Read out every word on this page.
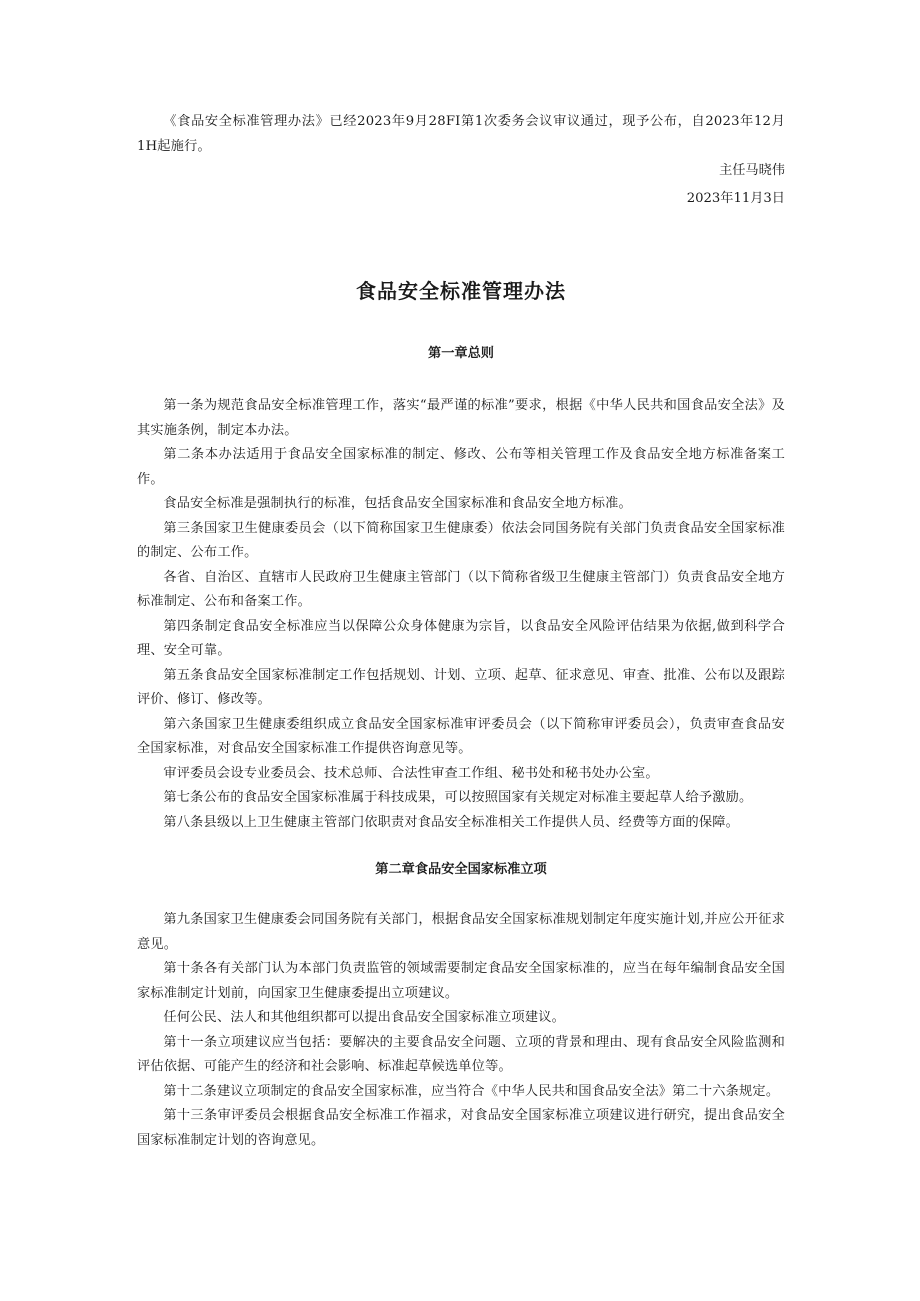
《食品安全标准管理办法》已经2023年9月28FI第1次委务会议审议通过，现予公布，自2023年12月1H起施行。

主任马晓伟

2023年11月3日

食品安全标准管理办法
第一章总则

第一条为规范食品安全标准管理工作，落实“最严谨的标准”要求，根据《中华人民共和国食品安全法》及其实施条例，制定本办法。

第二条本办法适用于食品安全国家标准的制定、修改、公布等相关管理工作及食品安全地方标准备案工作。

食品安全标准是强制执行的标准，包括食品安全国家标准和食品安全地方标准。

第三条国家卫生健康委员会（以下简称国家卫生健康委）依法会同国务院有关部门负责食品安全国家标准的制定、公布工作。

各省、自治区、直辖市人民政府卫生健康主管部门（以下简称省级卫生健康主管部门）负责食品安全地方标准制定、公布和备案工作。

第四条制定食品安全标准应当以保障公众身体健康为宗旨，以食品安全风险评估结果为依据,做到科学合理、安全可靠。

第五条食品安全国家标准制定工作包括规划、计划、立项、起草、征求意见、审查、批准、公布以及跟踪评价、修订、修改等。

第六条国家卫生健康委组织成立食品安全国家标准审评委员会（以下简称审评委员会），负责审查食品安全国家标准，对食品安全国家标准工作提供咨询意见等。

审评委员会设专业委员会、技术总师、合法性审查工作组、秘书处和秘书处办公室。

第七条公布的食品安全国家标准属于科技成果，可以按照国家有关规定对标准主要起草人给予激励。

第八条县级以上卫生健康主管部门依职责对食品安全标准相关工作提供人员、经费等方面的保障。

第二章食品安全国家标准立项

第九条国家卫生健康委会同国务院有关部门，根据食品安全国家标准规划制定年度实施计划,并应公开征求意见。

第十条各有关部门认为本部门负责监管的领域需要制定食品安全国家标准的，应当在每年编制食品安全国家标准制定计划前，向国家卫生健康委提出立项建议。

任何公民、法人和其他组织都可以提出食品安全国家标准立项建议。

第十一条立项建议应当包括：要解决的主要食品安全问题、立项的背景和理由、现有食品安全风险监测和评估依据、可能产生的经济和社会影响、标准起草候选单位等。

第十二条建议立项制定的食品安全国家标准，应当符合《中华人民共和国食品安全法》第二十六条规定。

第十三条审评委员会根据食品安全标准工作福求，对食品安全国家标准立项建议进行研究，提出食品安全国家标准制定计划的咨询意见。
